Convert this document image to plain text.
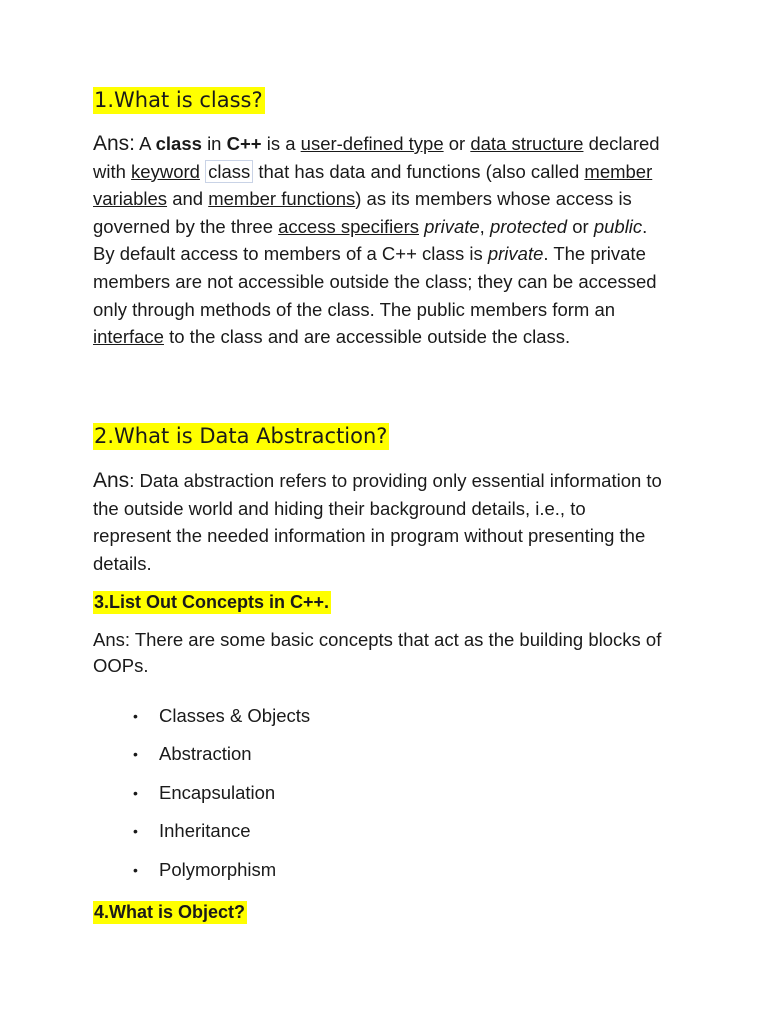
1.What is class?

Ans: A class in C++ is a user-defined type or data structure declared with keyword class that has data and functions (also called member variables and member functions) as its members whose access is governed by the three access specifiers private, protected or public. By default access to members of a C++ class is private. The private members are not accessible outside the class; they can be accessed only through methods of the class. The public members form an interface to the class and are accessible outside the class.

2.What is Data Abstraction?

Ans: Data abstraction refers to providing only essential information to the outside world and hiding their background details, i.e., to represent the needed information in program without presenting the details.

3.List Out Concepts in C++.

Ans: There are some basic concepts that act as the building blocks of OOPs.

• Classes & Objects
• Abstraction
• Encapsulation
• Inheritance
• Polymorphism
4.What is Object?
